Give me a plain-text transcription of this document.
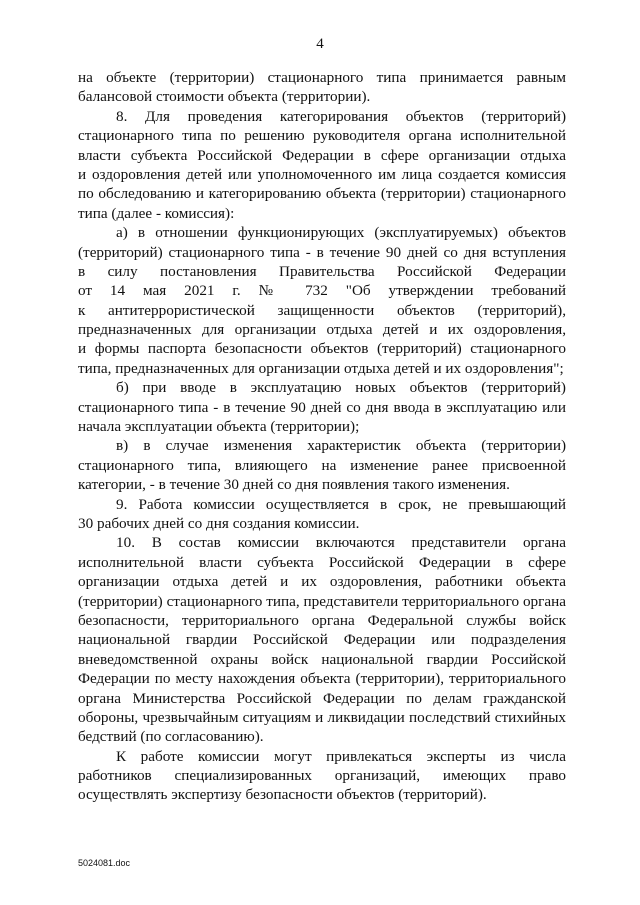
4
на объекте (территории) стационарного типа принимается равным
балансовой стоимости объекта (территории).
8. Для проведения категорирования объектов (территорий)
стационарного типа по решению руководителя органа исполнительной
власти субъекта Российской Федерации в сфере организации отдыха
и оздоровления детей или уполномоченного им лица создается комиссия
по обследованию и категорированию объекта (территории) стационарного
типа (далее - комиссия):
а) в отношении функционирующих (эксплуатируемых) объектов
(территорий) стационарного типа - в течение 90 дней со дня вступления
в силу постановления Правительства Российской Федерации
от 14 мая 2021 г. № 732 "Об утверждении требований
к антитеррористической защищенности объектов (территорий),
предназначенных для организации отдыха детей и их оздоровления,
и формы паспорта безопасности объектов (территорий) стационарного
типа, предназначенных для организации отдыха детей и их оздоровления";
б) при вводе в эксплуатацию новых объектов (территорий)
стационарного типа - в течение 90 дней со дня ввода в эксплуатацию или
начала эксплуатации объекта (территории);
в) в случае изменения характеристик объекта (территории)
стационарного типа, влияющего на изменение ранее присвоенной
категории, - в течение 30 дней со дня появления такого изменения.
9. Работа комиссии осуществляется в срок, не превышающий
30 рабочих дней со дня создания комиссии.
10. В состав комиссии включаются представители органа
исполнительной власти субъекта Российской Федерации в сфере
организации отдыха детей и их оздоровления, работники объекта
(территории) стационарного типа, представители территориального органа
безопасности, территориального органа Федеральной службы войск
национальной гвардии Российской Федерации или подразделения
вневедомственной охраны войск национальной гвардии Российской
Федерации по месту нахождения объекта (территории), территориального
органа Министерства Российской Федерации по делам гражданской
обороны, чрезвычайным ситуациям и ликвидации последствий стихийных
бедствий (по согласованию).
К работе комиссии могут привлекаться эксперты из числа
работников специализированных организаций, имеющих право
осуществлять экспертизу безопасности объектов (территорий).
5024081.doc
